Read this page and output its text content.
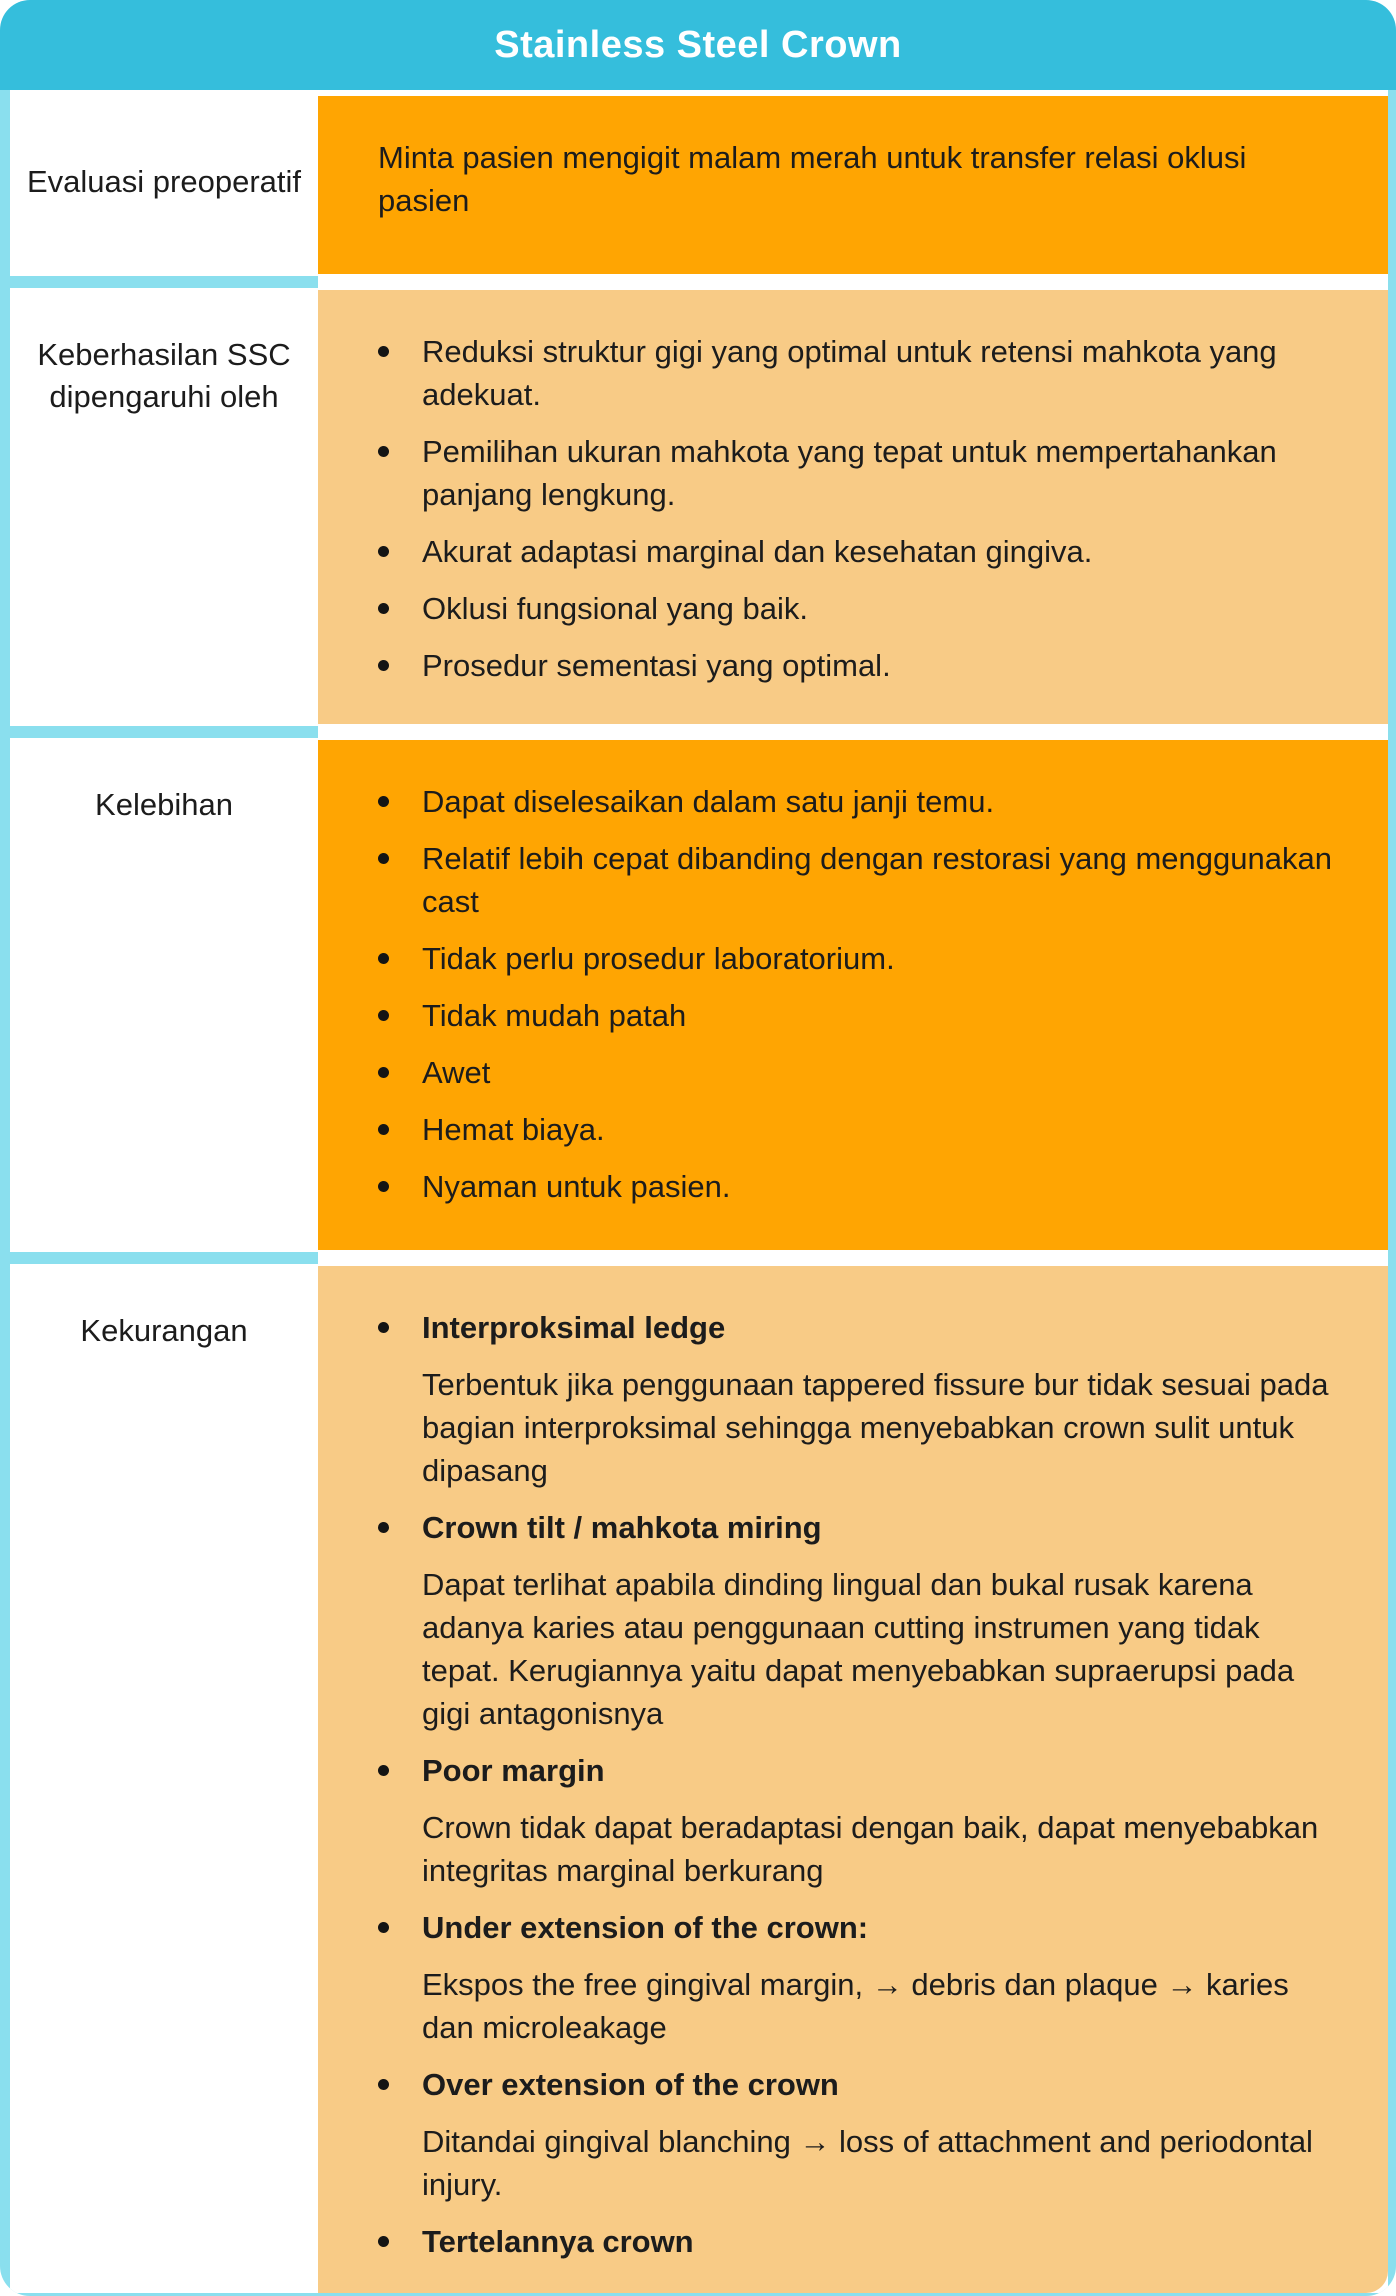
Stainless Steel Crown
Evaluasi preoperatif

Minta pasien mengigit malam merah untuk transfer relasi oklusi pasien

Keberhasilan SSC dipengaruhi oleh
Reduksi struktur gigi yang optimal untuk retensi mahkota yang adekuat.
Pemilihan ukuran mahkota yang tepat untuk mempertahankan panjang lengkung.
Akurat adaptasi marginal dan kesehatan gingiva.
Oklusi fungsional yang baik.
Prosedur sementasi yang optimal.
Kelebihan	Dapat diselesaikan dalam satu janji temu.
Relatif lebih cepat dibanding dengan restorasi yang menggunakan cast
Tidak perlu prosedur laboratorium.
Tidak mudah patah
Awet
Hemat biaya.
Nyaman untuk pasien.
Kekurangan	Interproksimal ledge

Terbentuk jika penggunaan tappered fissure bur tidak sesuai pada bagian interproksimal sehingga menyebabkan crown sulit untuk dipasang

Crown tilt / mahkota miring

Dapat terlihat apabila dinding lingual dan bukal rusak karena adanya karies atau penggunaan cutting instrumen yang tidak tepat. Kerugiannya yaitu dapat menyebabkan supraerupsi pada gigi antagonisnya

Poor margin

Crown tidak dapat beradaptasi dengan baik, dapat menyebabkan integritas marginal berkurang

Under extension of the crown:

Ekspos the free gingival margin, → debris dan plaque → karies dan microleakage

Over extension of the crown

Ditandai gingival blanching → loss of attachment and periodontal injury.

Tertelannya crown
